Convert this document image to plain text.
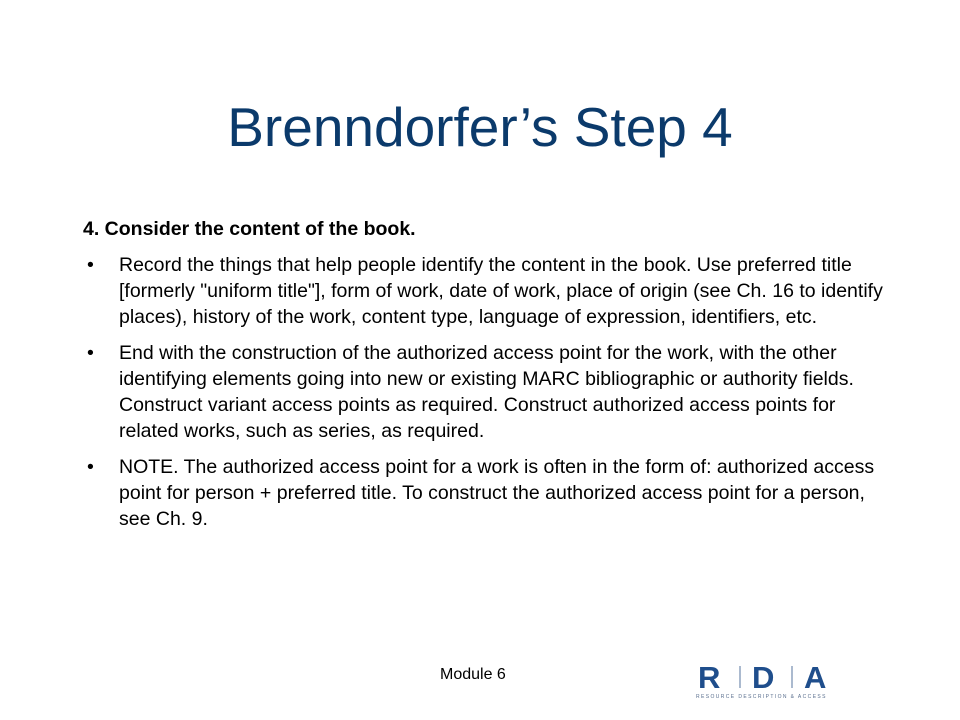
Brenndorfer’s Step 4

4. Consider the content of the book.

• Record the things that help people identify the content in the book. Use preferred title [formerly "uniform title"], form of work, date of work, place of origin (see Ch. 16 to identify places), history of the work, content type, language of expression, identifiers, etc.
• End with the construction of the authorized access point for the work, with the other identifying elements going into new or existing MARC bibliographic or authority fields. Construct variant access points as required. Construct authorized access points for related works, such as series, as required.
• NOTE. The authorized access point for a work is often in the form of: authorized access point for person + preferred title. To construct the authorized access point for a person, see Ch. 9.
Module 6	R D A
RESOURCE DESCRIPTION & ACCESS
